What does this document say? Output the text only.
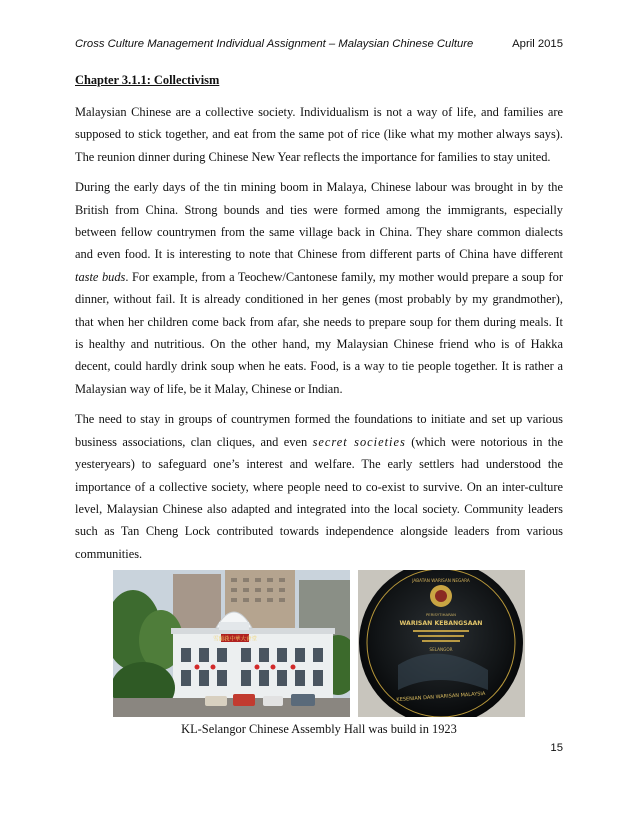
Cross Culture Management Individual Assignment – Malaysian Chinese Culture	April 2015

Chapter 3.1.1: Collectivism

Malaysian Chinese are a collective society. Individualism is not a way of life, and families are supposed to stick together, and eat from the same pot of rice (like what my mother always says). The reunion dinner during Chinese New Year reflects the importance for families to stay united.

During the early days of the tin mining boom in Malaya, Chinese labour was brought in by the British from China. Strong bounds and ties were formed among the immigrants, especially between fellow countrymen from the same village back in China. They share common dialects and even food. It is interesting to note that Chinese from different parts of China have different taste buds. For example, from a Teochew/Cantonese family, my mother would prepare a soup for dinner, without fail. It is already conditioned in her genes (most probably by my grandmother), that when her children come back from afar, she needs to prepare soup for them during meals. It is healthy and nutritious. On the other hand, my Malaysian Chinese friend who is of Hakka decent, could hardly drink soup when he eats. Food, is a way to tie people together. It is rather a Malaysian way of life, be it Malay, Chinese or Indian.

The need to stay in groups of countrymen formed the foundations to initiate and set up various business associations, clan cliques, and even secret societies (which were notorious in the yesteryears) to safeguard one’s interest and welfare. The early settlers had understood the importance of a collective society, where people need to co-exist to survive. On an inter-culture level, Malaysian Chinese also adapted and integrated into the local society. Community leaders such as Tan Cheng Lock contributed towards independence alongside leaders from various communities.

雪蘭莪中華大會堂
JABATAN WARISAN NEGARA
PERISYTIHARAN
WARISAN KEBANGSAAN
SELANGOR
KESENIAN DAN WARISAN MALAYSIA
KL-Selangor Chinese Assembly Hall was build in 1923
15
